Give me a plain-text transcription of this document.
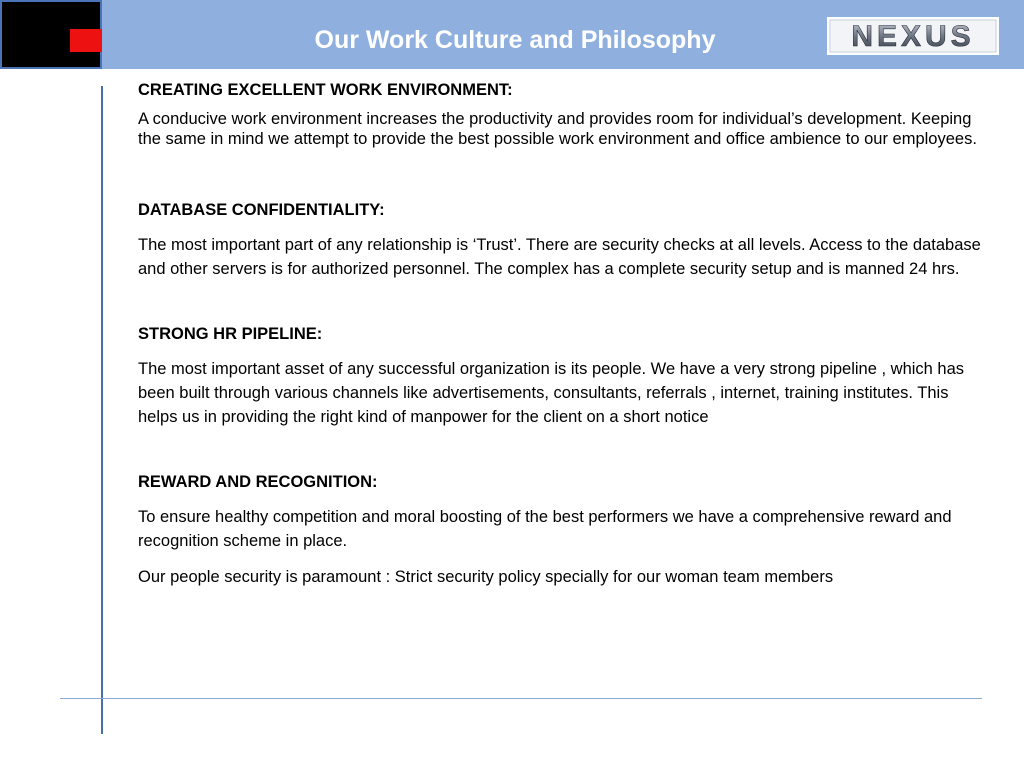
Our Work Culture and Philosophy	NEXUS

CREATING EXCELLENT WORK ENVIRONMENT:

A conducive work environment increases the productivity and provides room for individual’s development. Keeping the same in mind we attempt to provide the best possible work environment and office ambience to our employees.

DATABASE CONFIDENTIALITY:

The most important part of any relationship is ‘Trust’. There are security checks at all levels. Access to the database and other servers is for authorized personnel. The complex has a complete security setup and is manned 24 hrs.

STRONG HR PIPELINE:

The most important asset of any successful organization is its people. We have a very strong pipeline , which has been built through various channels like advertisements, consultants, referrals , internet, training institutes. This helps us in providing the right kind of manpower for the client on a short notice

REWARD AND RECOGNITION:

To ensure healthy competition and moral boosting of the best performers we have a comprehensive reward and recognition scheme in place.

Our people security is paramount : Strict security policy specially for our woman team members
